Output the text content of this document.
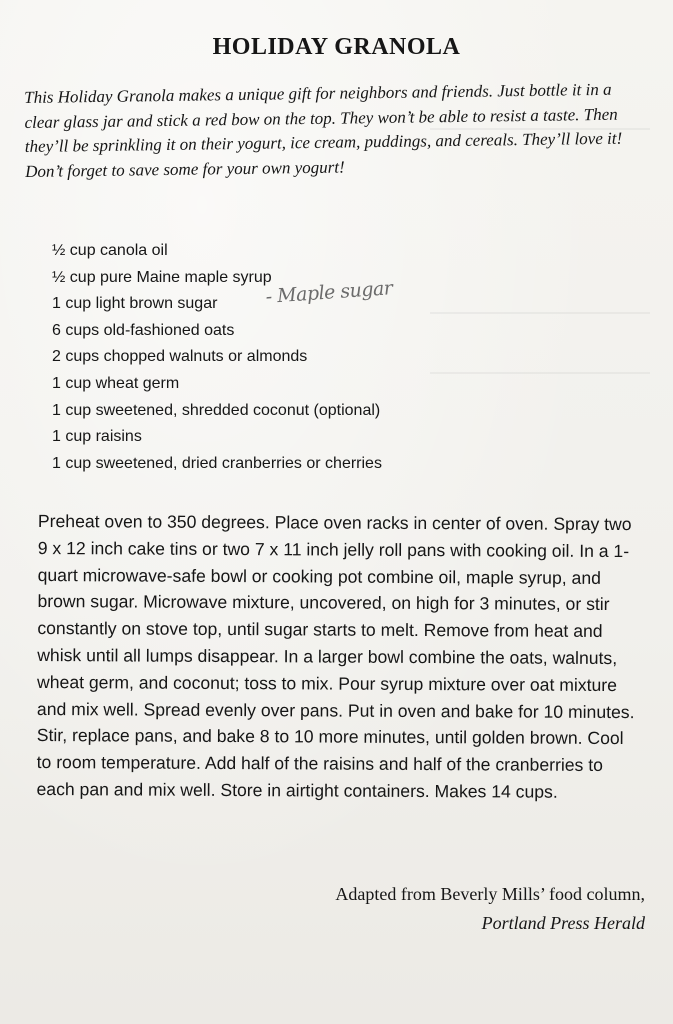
HOLIDAY GRANOLA

This Holiday Granola makes a unique gift for neighbors and friends. Just bottle it in a clear glass jar and stick a red bow on the top. They won’t be able to resist a taste. Then they’ll be sprinkling it on their yogurt, ice cream, puddings, and cereals. They’ll love it! Don’t forget to save some for your own yogurt!

½ cup canola oil
½ cup pure Maine maple syrup
1 cup light brown sugar
6 cups old-fashioned oats
2 cups chopped walnuts or almonds
1 cup wheat germ
1 cup sweetened, shredded coconut (optional)
1 cup raisins
1 cup sweetened, dried cranberries or cherries
- Maple sugar

Preheat oven to 350 degrees. Place oven racks in center of oven. Spray two 9 x 12 inch cake tins or two 7 x 11 inch jelly roll pans with cooking oil. In a 1-quart microwave-safe bowl or cooking pot combine oil, maple syrup, and brown sugar. Microwave mixture, uncovered, on high for 3 minutes, or stir constantly on stove top, until sugar starts to melt. Remove from heat and whisk until all lumps disappear. In a larger bowl combine the oats, walnuts, wheat germ, and coconut; toss to mix. Pour syrup mixture over oat mixture and mix well. Spread evenly over pans. Put in oven and bake for 10 minutes. Stir, replace pans, and bake 8 to 10 more minutes, until golden brown. Cool to room temperature. Add half of the raisins and half of the cranberries to each pan and mix well. Store in airtight containers. Makes 14 cups.

Adapted from Beverly Mills’ food column,
Portland Press Herald
